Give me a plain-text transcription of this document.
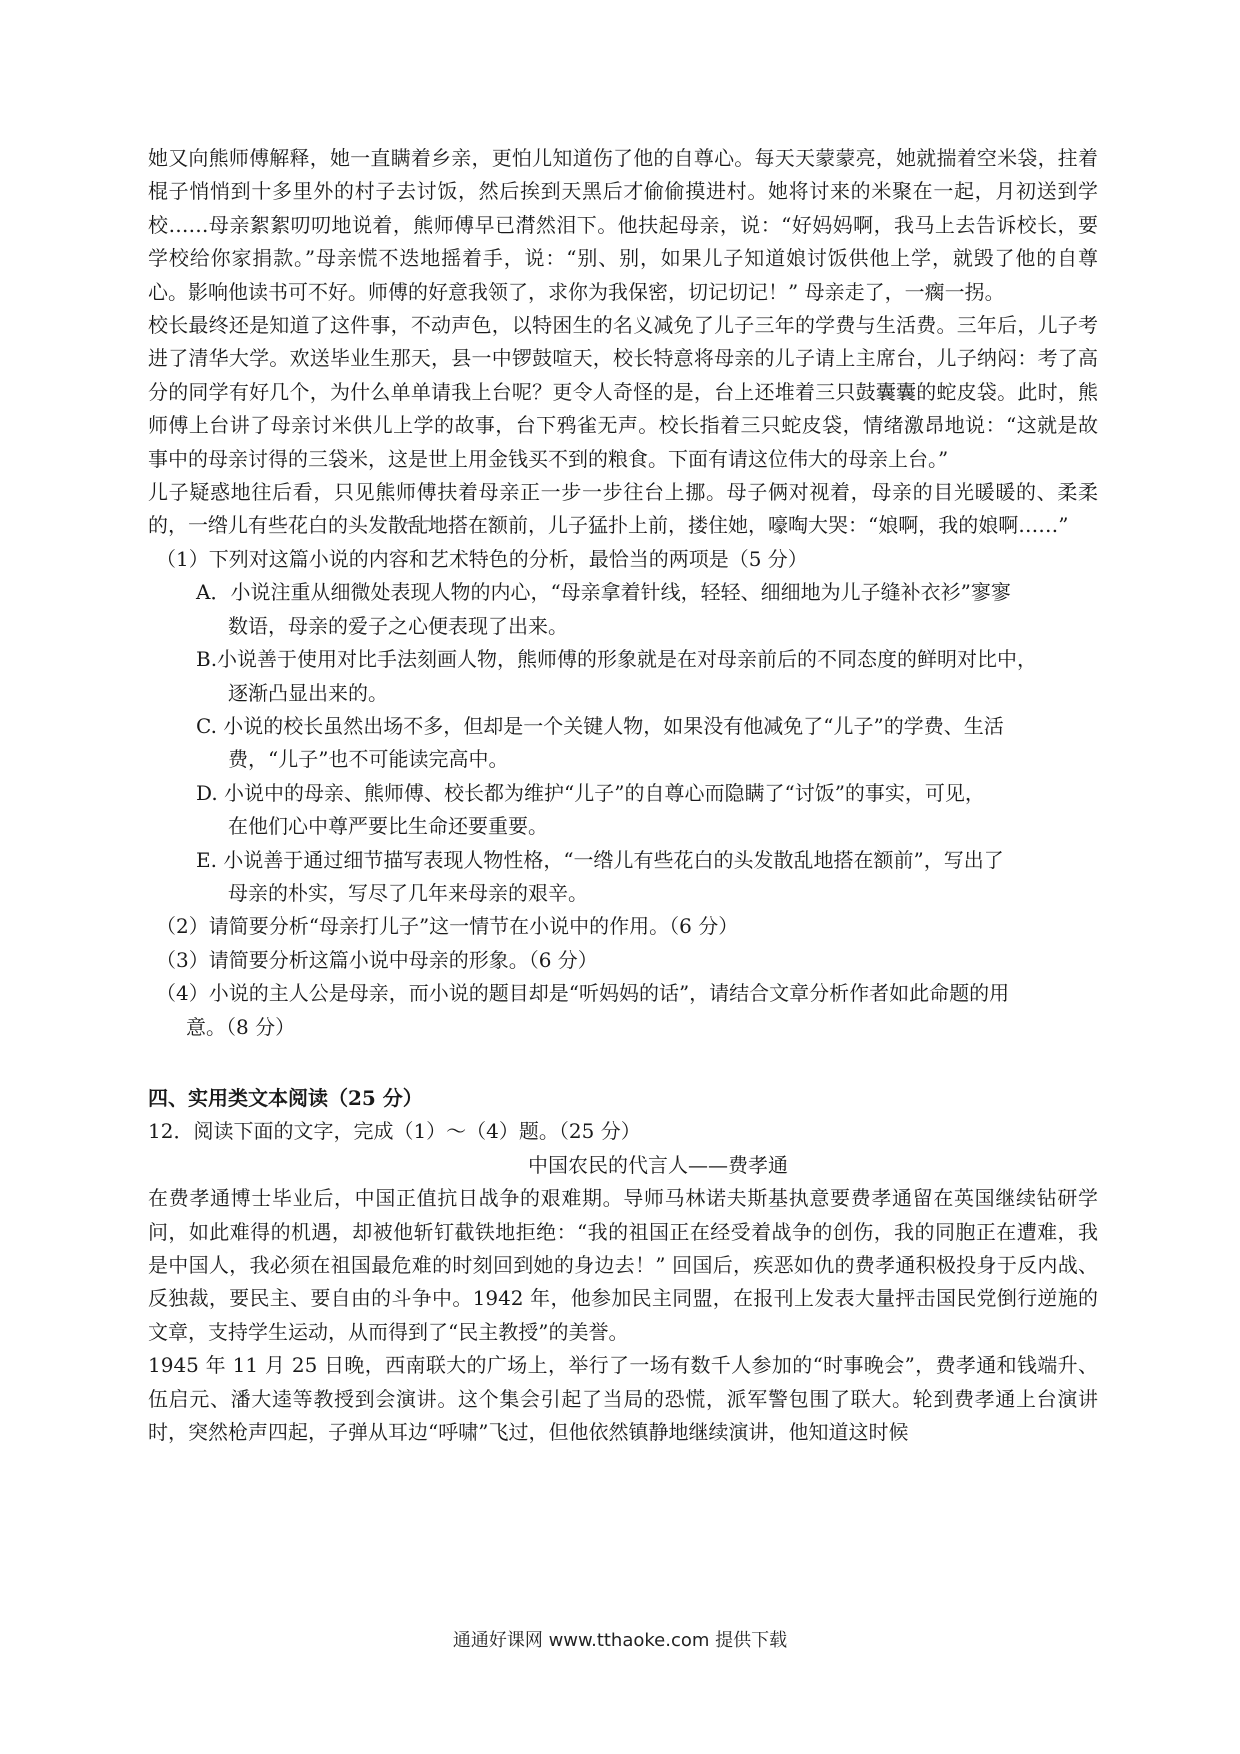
她又向熊师傅解释，她一直瞒着乡亲，更怕儿知道伤了他的自尊心。每天天蒙蒙亮，她就揣着空米袋，拄着棍子悄悄到十多里外的村子去讨饭，然后挨到天黑后才偷偷摸进村。她将讨来的米聚在一起，月初送到学校……母亲絮絮叨叨地说着，熊师傅早已潸然泪下。他扶起母亲，说：“好妈妈啊，我马上去告诉校长，要学校给你家捐款。”母亲慌不迭地摇着手，说：“别、别，如果儿子知道娘讨饭供他上学，就毁了他的自尊心。影响他读书可不好。师傅的好意我领了，求你为我保密，切记切记！” 母亲走了，一瘸一拐。

校长最终还是知道了这件事，不动声色，以特困生的名义减免了儿子三年的学费与生活费。三年后，儿子考进了清华大学。欢送毕业生那天，县一中锣鼓喧天，校长特意将母亲的儿子请上主席台，儿子纳闷：考了高分的同学有好几个，为什么单单请我上台呢？更令人奇怪的是，台上还堆着三只鼓囊囊的蛇皮袋。此时，熊师傅上台讲了母亲讨米供儿上学的故事，台下鸦雀无声。校长指着三只蛇皮袋，情绪激昂地说：“这就是故事中的母亲讨得的三袋米，这是世上用金钱买不到的粮食。下面有请这位伟大的母亲上台。”

儿子疑惑地往后看，只见熊师傅扶着母亲正一步一步往台上挪。母子俩对视着，母亲的目光暖暖的、柔柔的，一绺儿有些花白的头发散乱地搭在额前，儿子猛扑上前，搂住她，嚎啕大哭：“娘啊，我的娘啊……”

（1）下列对这篇小说的内容和艺术特色的分析，最恰当的两项是（5 分）

A．小说注重从细微处表现人物的内心，“母亲拿着针线，轻轻、细细地为儿子缝补衣衫”寥寥

数语，母亲的爱子之心便表现了出来。

B.小说善于使用对比手法刻画人物，熊师傅的形象就是在对母亲前后的不同态度的鲜明对比中，

逐渐凸显出来的。

C. 小说的校长虽然出场不多，但却是一个关键人物，如果没有他减免了“儿子”的学费、生活

费，“儿子”也不可能读完高中。

D. 小说中的母亲、熊师傅、校长都为维护“儿子”的自尊心而隐瞒了“讨饭”的事实，可见，

在他们心中尊严要比生命还要重要。

E. 小说善于通过细节描写表现人物性格，“一绺儿有些花白的头发散乱地搭在额前”，写出了

母亲的朴实，写尽了几年来母亲的艰辛。

（2）请简要分析“母亲打儿子”这一情节在小说中的作用。（6 分）

（3）请简要分析这篇小说中母亲的形象。（6 分）

（4）小说的主人公是母亲，而小说的题目却是“听妈妈的话”，请结合文章分析作者如此命题的用

意。（8 分）

四、实用类文本阅读（25 分）

12．阅读下面的文字，完成（1）～（4）题。（25 分）

中国农民的代言人——费孝通

在费孝通博士毕业后，中国正值抗日战争的艰难期。导师马林诺夫斯基执意要费孝通留在英国继续钻研学问，如此难得的机遇，却被他斩钉截铁地拒绝：“我的祖国正在经受着战争的创伤，我的同胞正在遭难，我是中国人，我必须在祖国最危难的时刻回到她的身边去！” 回国后，疾恶如仇的费孝通积极投身于反内战、反独裁，要民主、要自由的斗争中。1942 年，他参加民主同盟，在报刊上发表大量抨击国民党倒行逆施的文章，支持学生运动，从而得到了“民主教授”的美誉。

1945 年 11 月 25 日晚，西南联大的广场上，举行了一场有数千人参加的“时事晚会”，费孝通和钱端升、伍启元、潘大逵等教授到会演讲。这个集会引起了当局的恐慌，派军警包围了联大。轮到费孝通上台演讲时，突然枪声四起，子弹从耳边“呼啸”飞过，但他依然镇静地继续演讲，他知道这时候

通通好课网 www.tthaoke.com 提供下载
